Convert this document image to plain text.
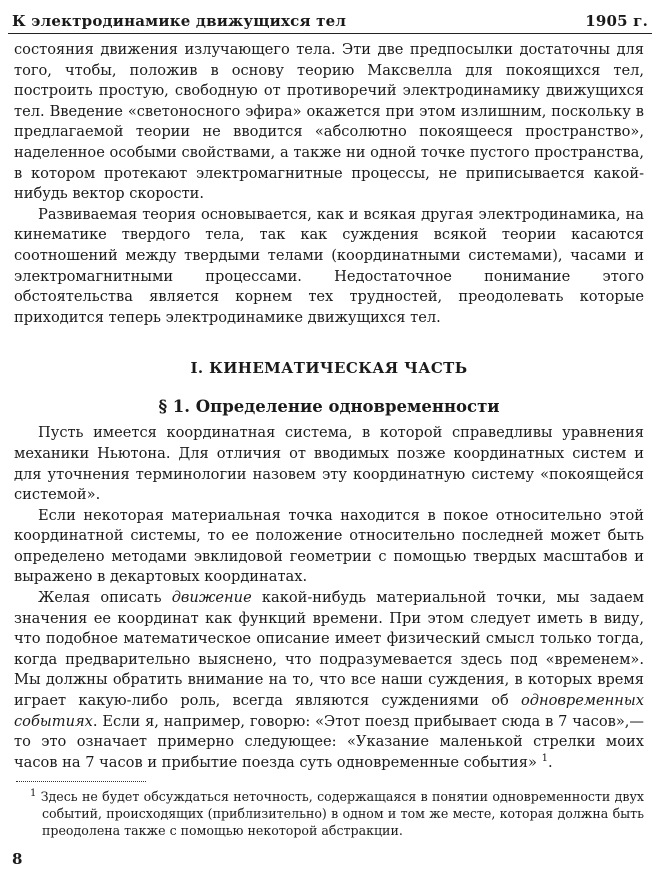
К электродинамике движущихся тел	1905 г.

состояния движения излучающего тела. Эти две предпосылки достаточны для того, чтобы, положив в основу теорию Максвелла для покоящихся тел, построить простую, свободную от противоречий электродинамику движущихся тел. Введение «светоносного эфира» окажется при этом излишним, поскольку в предлагаемой теории не вводится «абсолютно покоящееся пространство», наделенное особыми свойствами, а также ни одной точке пустого пространства, в котором протекают электромагнитные процессы, не приписывается какой-нибудь вектор скорости.

Развиваемая теория основывается, как и всякая другая электродинамика, на кинематике твердого тела, так как суждения всякой теории касаются соотношений между твердыми телами (координатными системами), часами и электромагнитными процессами. Недостаточное понимание этого обстоятельства является корнем тех трудностей, преодолевать которые приходится теперь электродинамике движущихся тел.

I. КИНЕМАТИЧЕСКАЯ ЧАСТЬ
§ 1. Определение одновременности

Пусть имеется координатная система, в которой справедливы уравнения механики Ньютона. Для отличия от вводимых позже координатных систем и для уточнения терминологии назовем эту координатную систему «покоящейся системой».

Если некоторая материальная точка находится в покое относительно этой координатной системы, то ее положение относительно последней может быть определено методами эвклидовой геометрии с помощью твердых масштабов и выражено в декартовых координатах.

Желая описать движение какой-нибудь материальной точки, мы задаем значения ее координат как функций времени. При этом следует иметь в виду, что подобное математическое описание имеет физический смысл только тогда, когда предварительно выяснено, что подразумевается здесь под «временем». Мы должны обратить внимание на то, что все наши суждения, в которых время играет какую-либо роль, всегда являются суждениями об одновременных событиях. Если я, например, говорю: «Этот поезд прибывает сюда в 7 часов»,—то это означает примерно следующее: «Указание маленькой стрелки моих часов на 7 часов и прибытие поезда суть одновременные события» $^1$.

$^1$ Здесь не будет обсуждаться неточность, содержащаяся в понятии одновременности двух событий, происходящих (приблизительно) в одном и том же месте, которая должна быть преодолена также с помощью некоторой абстракции.

8
